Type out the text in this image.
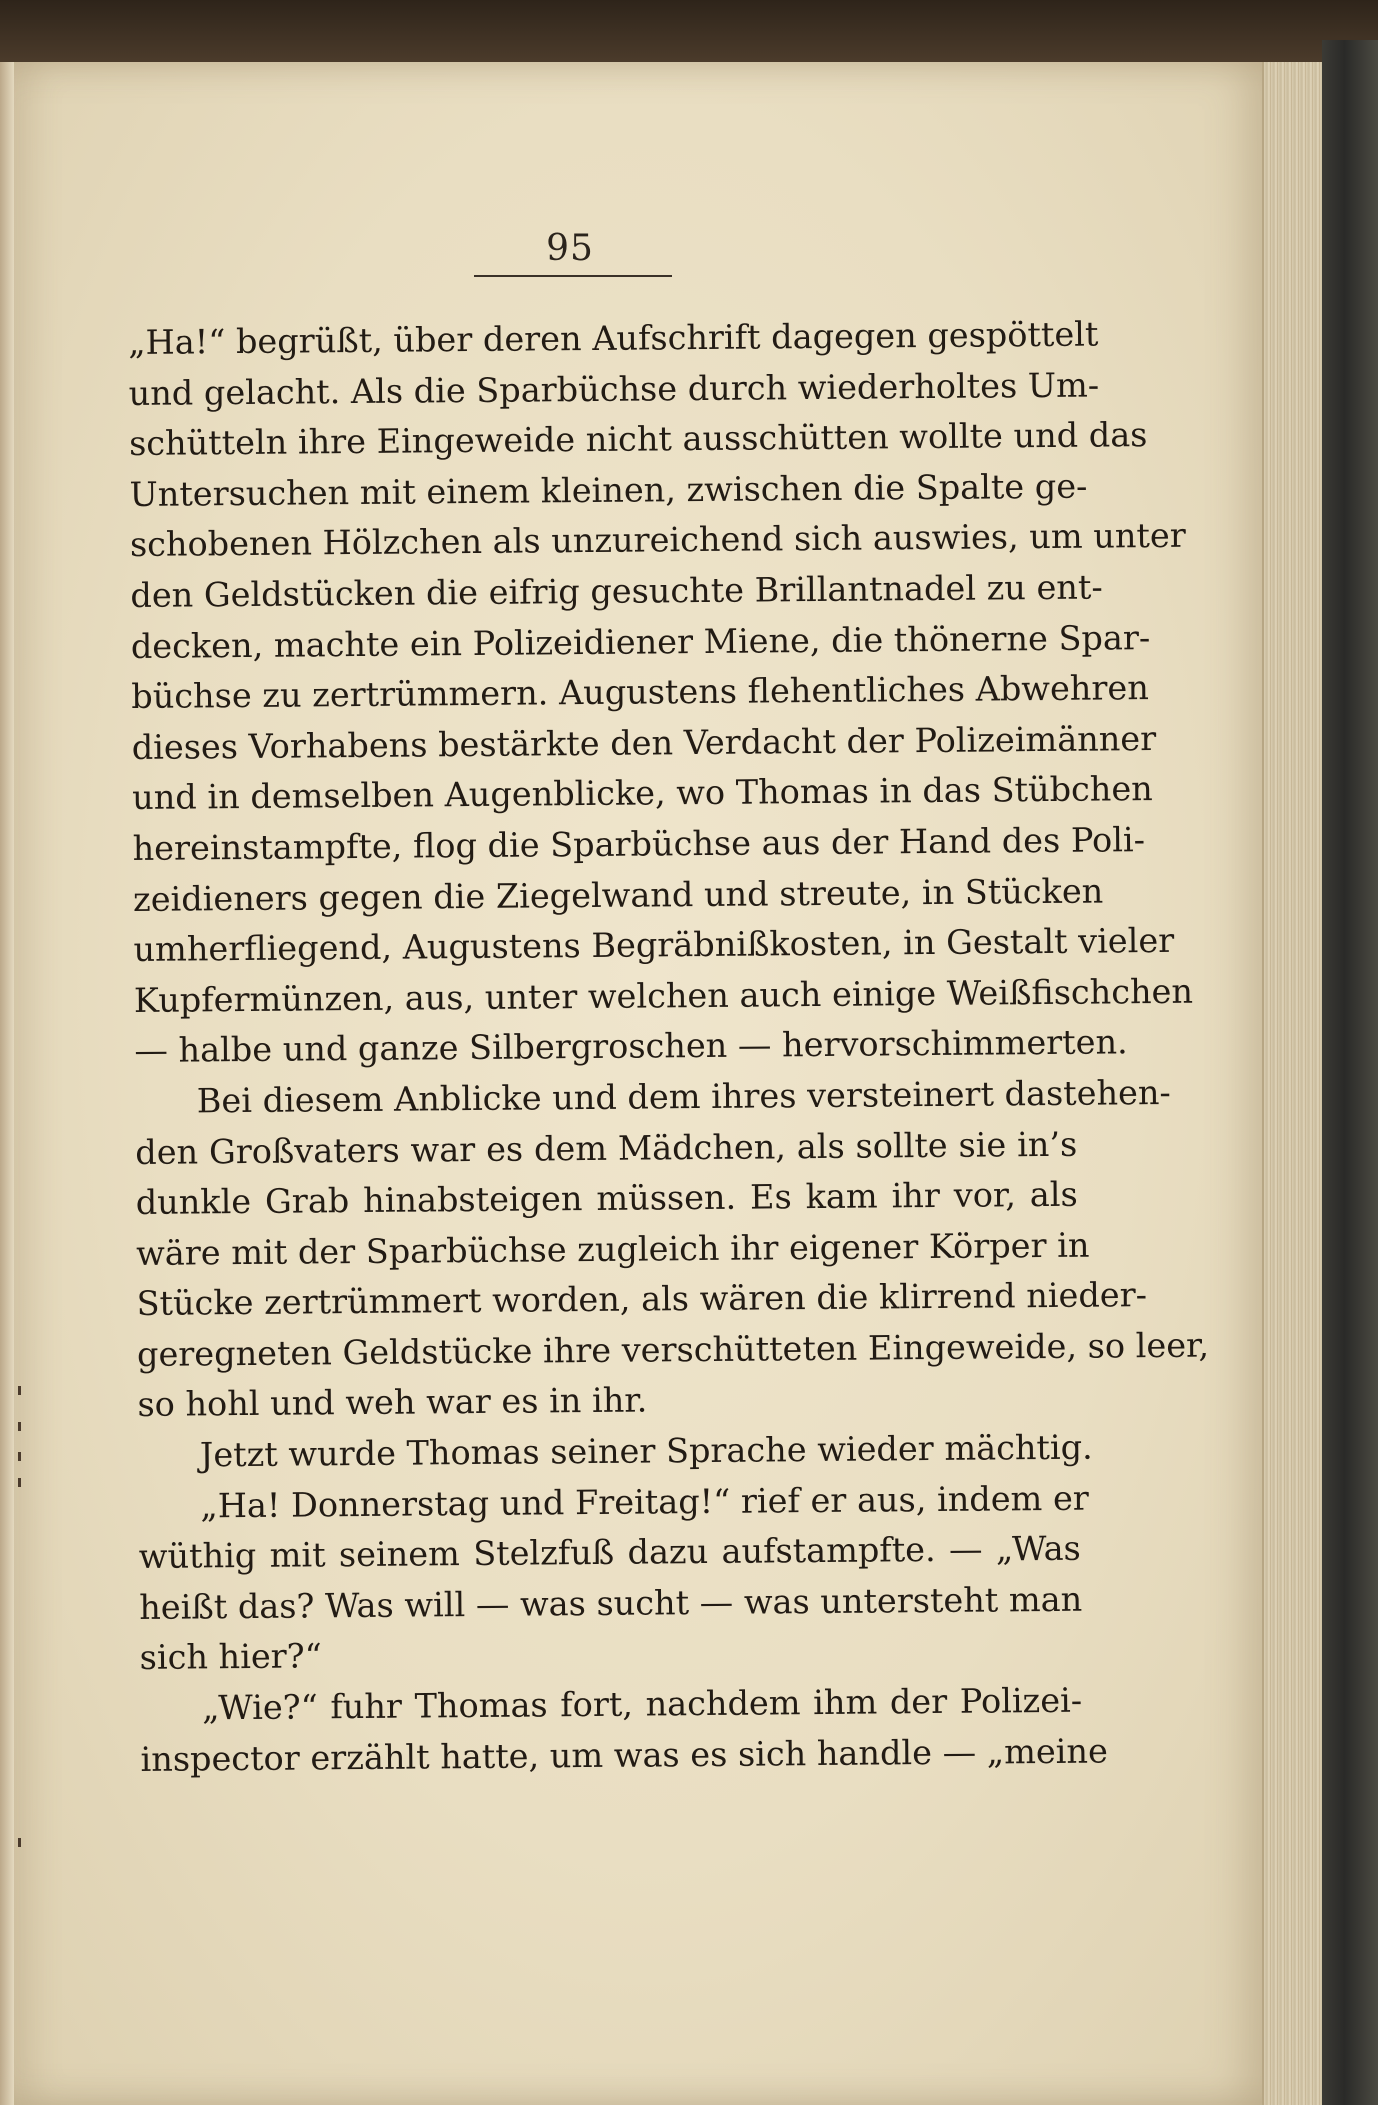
95
„Ha!“ begrüßt, über deren Aufschrift dagegen gespöttelt
und gelacht. Als die Sparbüchse durch wiederholtes Um-
schütteln ihre Eingeweide nicht ausschütten wollte und das
Untersuchen mit einem kleinen, zwischen die Spalte ge-
schobenen Hölzchen als unzureichend sich auswies, um unter
den Geldstücken die eifrig gesuchte Brillantnadel zu ent-
decken, machte ein Polizeidiener Miene, die thönerne Spar-
büchse zu zertrümmern. Augustens flehentliches Abwehren
dieses Vorhabens bestärkte den Verdacht der Polizeimänner
und in demselben Augenblicke, wo Thomas in das Stübchen
hereinstampfte, flog die Sparbüchse aus der Hand des Poli-
zeidieners gegen die Ziegelwand und streute, in Stücken
umherfliegend, Augustens Begräbnißkosten, in Gestalt vieler
Kupfermünzen, aus, unter welchen auch einige Weißfischchen
— halbe und ganze Silbergroschen — hervorschimmerten.
Bei diesem Anblicke und dem ihres versteinert dastehen-
den Großvaters war es dem Mädchen, als sollte sie in’s
dunkle Grab hinabsteigen müssen. Es kam ihr vor, als
wäre mit der Sparbüchse zugleich ihr eigener Körper in
Stücke zertrümmert worden, als wären die klirrend nieder-
geregneten Geldstücke ihre verschütteten Eingeweide, so leer,
so hohl und weh war es in ihr.
Jetzt wurde Thomas seiner Sprache wieder mächtig.
„Ha! Donnerstag und Freitag!“ rief er aus, indem er
wüthig mit seinem Stelzfuß dazu aufstampfte. — „Was
heißt das? Was will — was sucht — was untersteht man
sich hier?“
„Wie?“ fuhr Thomas fort, nachdem ihm der Polizei-
inspector erzählt hatte, um was es sich handle — „meine
